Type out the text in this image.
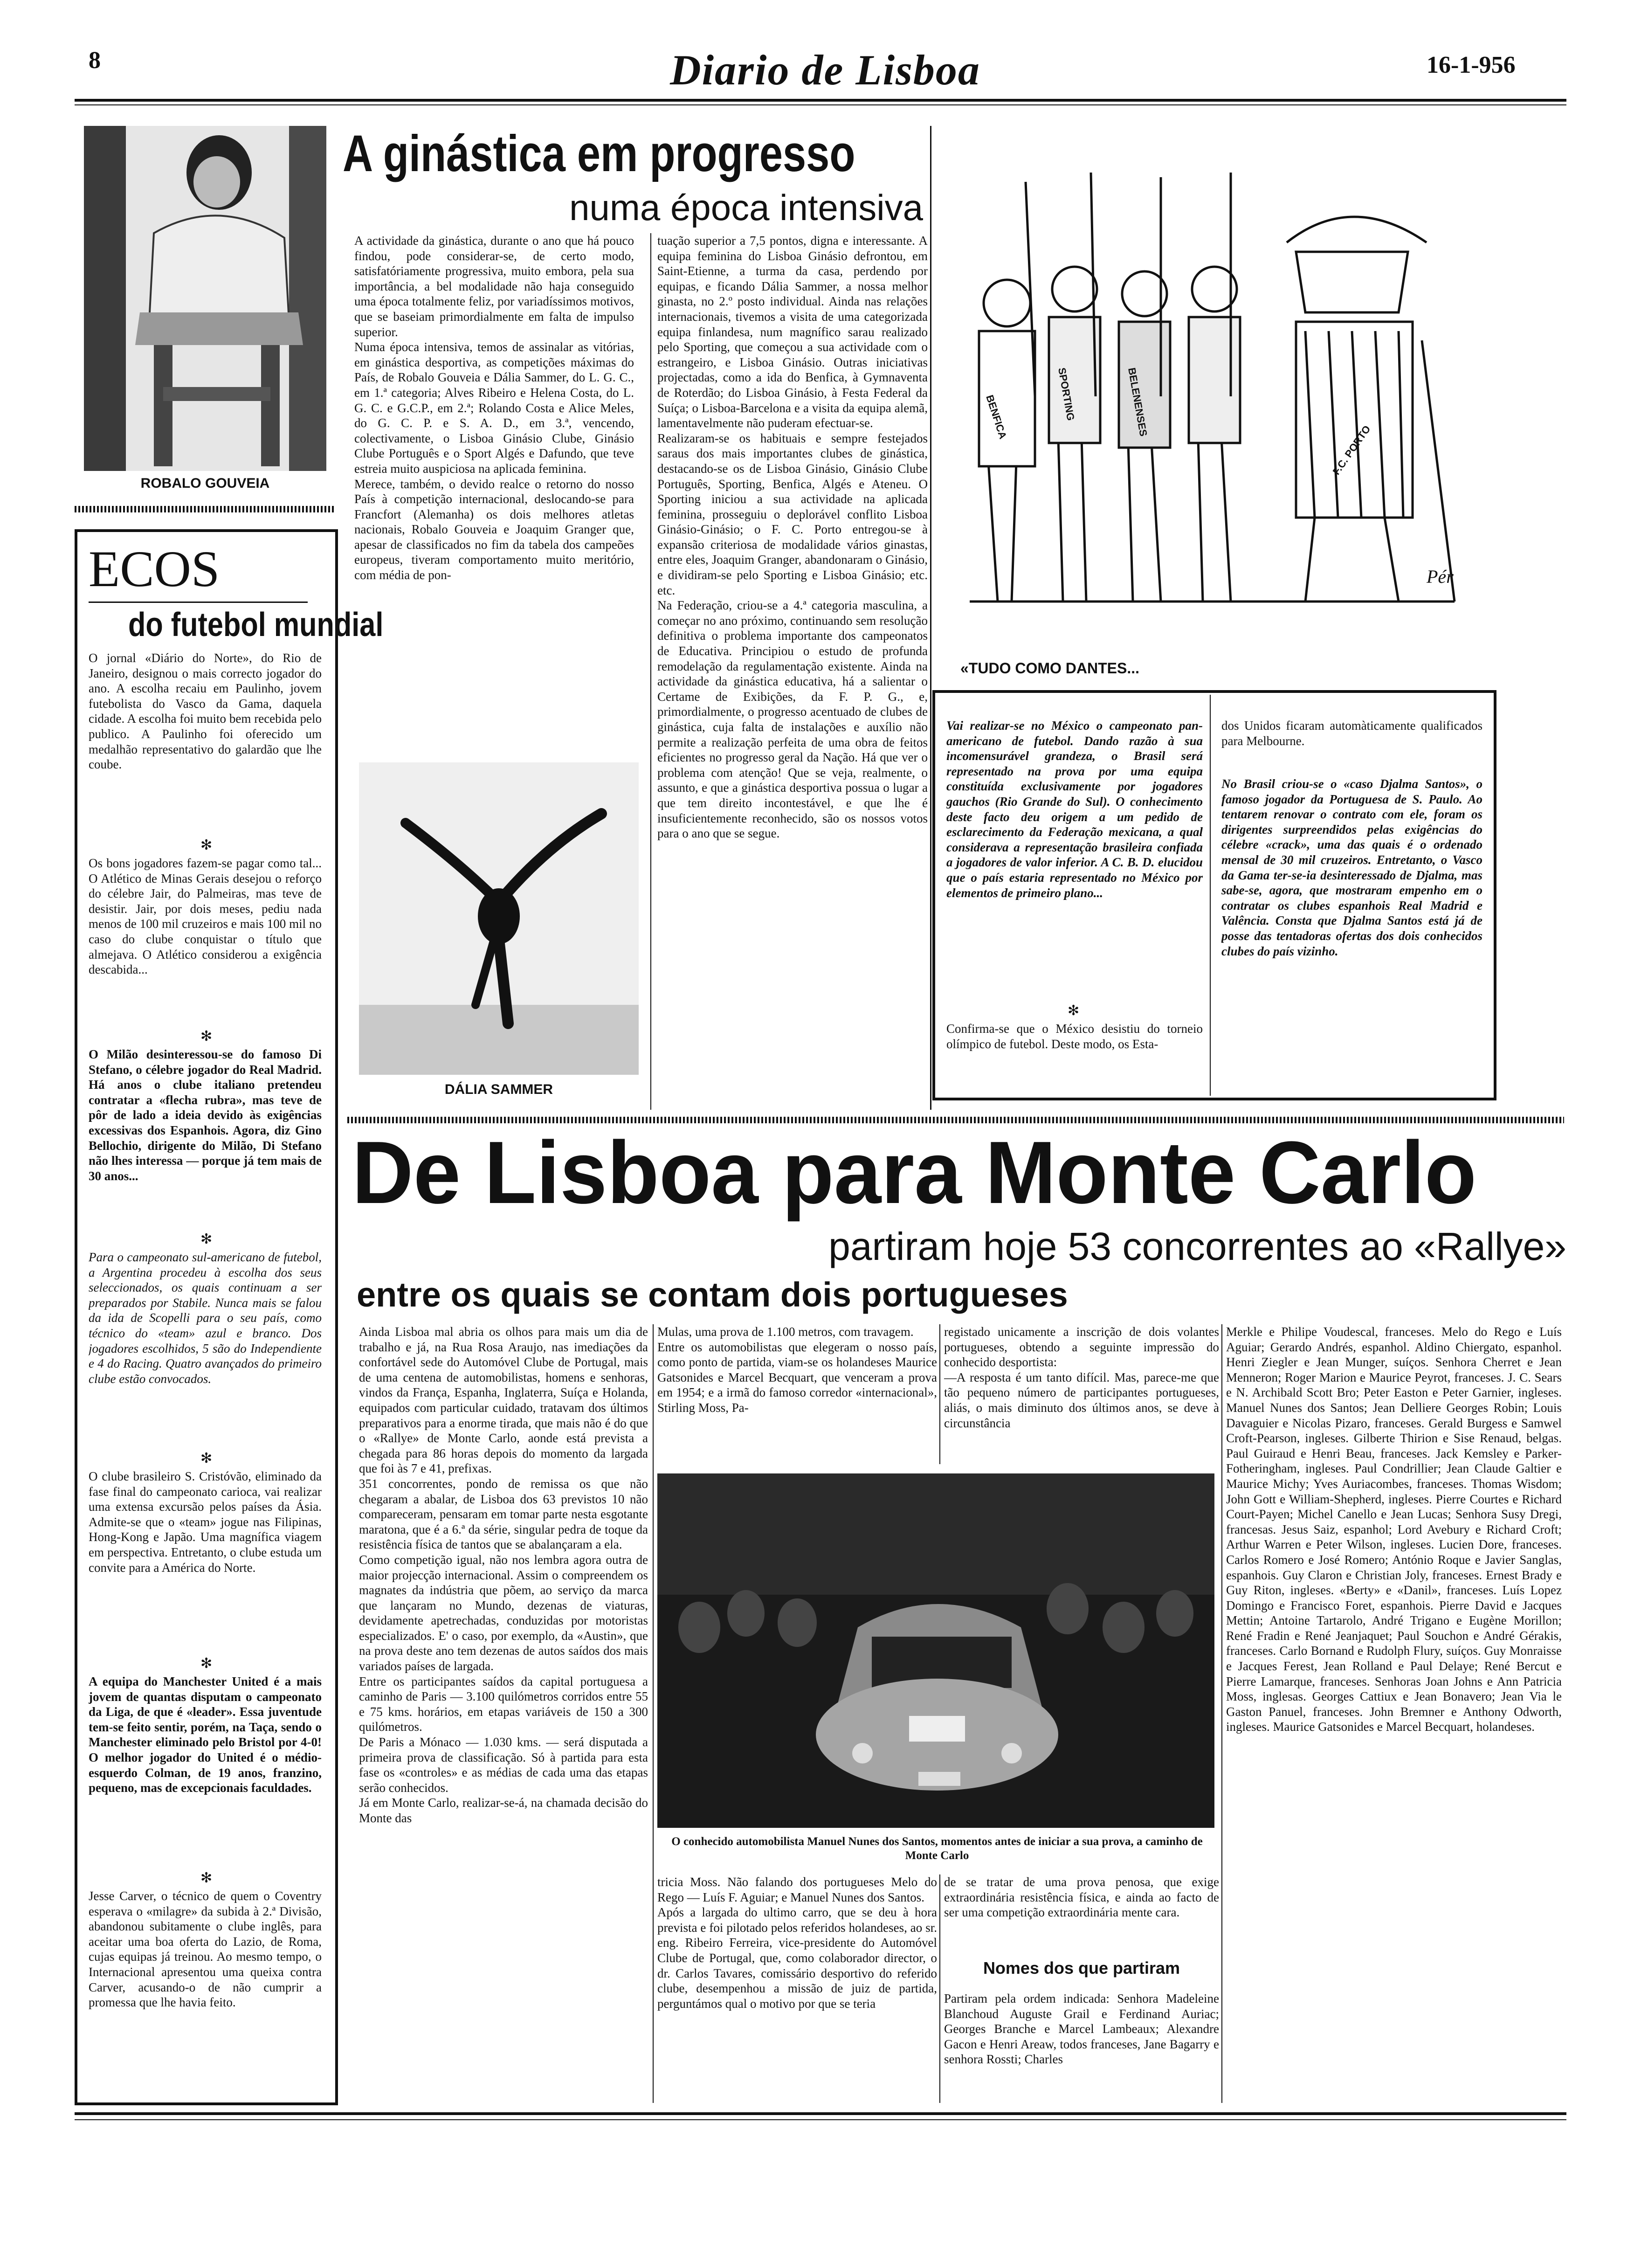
8	Diario de Lisboa	16-1-956
ROBALO GOUVEIA
A ginástica em progresso
numa época intensiva
A actividade da ginástica, durante o ano que há pouco findou, pode considerar-se, de certo modo, satisfatóriamente progressiva, muito embora, pela sua importância, a bel modalidade não haja conseguido uma época totalmente feliz, por variadíssimos motivos, que se baseiam primordialmente em falta de impulso superior.
Numa época intensiva, temos de assinalar as vitórias, em ginástica desportiva, as competições máximas do País, de Robalo Gouveia e Dália Sammer, do L. G. C., em 1.ª categoria; Alves Ribeiro e Helena Costa, do L. G. C. e G.C.P., em 2.ª; Rolando Costa e Alice Meles, do G. C. P. e S. A. D., em 3.ª, vencendo, colectivamente, o Lisboa Ginásio Clube, Ginásio Clube Português e o Sport Algés e Dafundo, que teve estreia muito auspiciosa na aplicada feminina.
Merece, também, o devido realce o retorno do nosso País à competição internacional, deslocando-se para Francfort (Alemanha) os dois melhores atletas nacionais, Robalo Gouveia e Joaquim Granger que, apesar de classificados no fim da tabela dos campeões europeus, tiveram comportamento muito meritório, com média de pon-
tuação superior a 7,5 pontos, digna e interessante. A equipa feminina do Lisboa Ginásio defrontou, em Saint-Etienne, a turma da casa, perdendo por equipas, e ficando Dália Sammer, a nossa melhor ginasta, no 2.º posto individual. Ainda nas relações internacionais, tivemos a visita de uma categorizada equipa finlandesa, num magnífico sarau realizado pelo Sporting, que começou a sua actividade com o estrangeiro, e Lisboa Ginásio. Outras iniciativas projectadas, como a ida do Benfica, à Gymnaventa de Roterdão; do Lisboa Ginásio, à Festa Federal da Suíça; o Lisboa-Barcelona e a visita da equipa alemã, lamentavelmente não puderam efectuar-se.
Realizaram-se os habituais e sempre festejados saraus dos mais importantes clubes de ginástica, destacando-se os de Lisboa Ginásio, Ginásio Clube Português, Sporting, Benfica, Algés e Ateneu. O Sporting iniciou a sua actividade na aplicada feminina, prosseguiu o deplorável conflito Lisboa Ginásio-Ginásio; o F. C. Porto entregou-se à expansão criteriosa de modalidade vários ginastas, entre eles, Joaquim Granger, abandonaram o Ginásio, e dividiram-se pelo Sporting e Lisboa Ginásio; etc. etc.
Na Federação, criou-se a 4.ª categoria masculina, a começar no ano próximo, continuando sem resolução definitiva o problema importante dos campeonatos de Educativa. Principiou o estudo de profunda remodelação da regulamentação existente. Ainda na actividade da ginástica educativa, há a salientar o Certame de Exibições, da F. P. G., e, primordialmente, o progresso acentuado de clubes de ginástica, cuja falta de instalações e auxílio não permite a realização perfeita de uma obra de feitos eficientes no progresso geral da Nação. Há que ver o problema com atenção! Que se veja, realmente, o assunto, e que a ginástica desportiva possua o lugar a que tem direito incontestável, e que lhe é insuficientemente reconhecido, são os nossos votos para o ano que se segue.
DÁLIA SAMMER
BENFICA	SPORTING	BELENENSES
F.C. PORTO
Pér
«TUDO COMO DANTES...
Vai realizar-se no México o campeonato pan-americano de futebol. Dando razão à sua incomensurável grandeza, o Brasil será representado na prova por uma equipa constituída exclusivamente por jogadores gauchos (Rio Grande do Sul). O conhecimento deste facto deu origem a um pedido de esclarecimento da Federação mexicana, a qual considerava a representação brasileira confiada a jogadores de valor inferior. A C. B. D. elucidou que o país estaria representado no México por elementos de primeiro plano...
✻
Confirma-se que o México desistiu do torneio olímpico de futebol. Deste modo, os Esta-
dos Unidos ficaram automàticamente qualificados para Melbourne.
No Brasil criou-se o «caso Djalma Santos», o famoso jogador da Portuguesa de S. Paulo. Ao tentarem renovar o contrato com ele, foram os dirigentes surpreendidos pelas exigências do célebre «crack», uma das quais é o ordenado mensal de 30 mil cruzeiros. Entretanto, o Vasco da Gama ter-se-ia desinteressado de Djalma, mas sabe-se, agora, que mostraram empenho em o contratar os clubes espanhois Real Madrid e Valência. Consta que Djalma Santos está já de posse das tentadoras ofertas dos dois conhecidos clubes do país vizinho.
ECOS
do futebol mundial
O jornal «Diário do Norte», do Rio de Janeiro, designou o mais correcto jogador do ano. A escolha recaiu em Paulinho, jovem futebolista do Vasco da Gama, daquela cidade. A escolha foi muito bem recebida pelo publico. A Paulinho foi oferecido um medalhão representativo do galardão que lhe coube.
✻
Os bons jogadores fazem-se pagar como tal... O Atlético de Minas Gerais desejou o reforço do célebre Jair, do Palmeiras, mas teve de desistir. Jair, por dois meses, pediu nada menos de 100 mil cruzeiros e mais 100 mil no caso do clube conquistar o título que almejava. O Atlético considerou a exigência descabida...
✻
O Milão desinteressou-se do famoso Di Stefano, o célebre jogador do Real Madrid. Há anos o clube italiano pretendeu contratar a «flecha rubra», mas teve de pôr de lado a ideia devido às exigências excessivas dos Espanhois. Agora, diz Gino Bellochio, dirigente do Milão, Di Stefano não lhes interessa — porque já tem mais de 30 anos...
✻
Para o campeonato sul-americano de futebol, a Argentina procedeu à escolha dos seus seleccionados, os quais continuam a ser preparados por Stabile. Nunca mais se falou da ida de Scopelli para o seu país, como técnico do «team» azul e branco. Dos jogadores escolhidos, 5 são do Independiente e 4 do Racing. Quatro avançados do primeiro clube estão convocados.
✻
O clube brasileiro S. Cristóvão, eliminado da fase final do campeonato carioca, vai realizar uma extensa excursão pelos países da Ásia. Admite-se que o «team» jogue nas Filipinas, Hong-Kong e Japão. Uma magnífica viagem em perspectiva. Entretanto, o clube estuda um convite para a América do Norte.
✻
A equipa do Manchester United é a mais jovem de quantas disputam o campeonato da Liga, de que é «leader». Essa juventude tem-se feito sentir, porém, na Taça, sendo o Manchester eliminado pelo Bristol por 4-0! O melhor jogador do United é o médio-esquerdo Colman, de 19 anos, franzino, pequeno, mas de excepcionais faculdades.
✻
Jesse Carver, o técnico de quem o Coventry esperava o «milagre» da subida à 2.ª Divisão, abandonou subitamente o clube inglês, para aceitar uma boa oferta do Lazio, de Roma, cujas equipas já treinou. Ao mesmo tempo, o Internacional apresentou uma queixa contra Carver, acusando-o de não cumprir a promessa que lhe havia feito.
De Lisboa para Monte Carlo
partiram hoje 53 concorrentes ao «Rallye»
entre os quais se contam dois portugueses
Ainda Lisboa mal abria os olhos para mais um dia de trabalho e já, na Rua Rosa Araujo, nas imediações da confortável sede do Automóvel Clube de Portugal, mais de uma centena de automobilistas, homens e senhoras, vindos da França, Espanha, Inglaterra, Suíça e Holanda, equipados com particular cuidado, tratavam dos últimos preparativos para a enorme tirada, que mais não é do que o «Rallye» de Monte Carlo, aonde está prevista a chegada para 86 horas depois do momento da largada que foi às 7 e 41, prefixas.
351 concorrentes, pondo de remissa os que não chegaram a abalar, de Lisboa dos 63 previstos 10 não compareceram, pensaram em tomar parte nesta esgotante maratona, que é a 6.ª da série, singular pedra de toque da resistência física de tantos que se abalançaram a ela.
Como competição igual, não nos lembra agora outra de maior projecção internacional. Assim o compreendem os magnates da indústria que põem, ao serviço da marca que lançaram no Mundo, dezenas de viaturas, devidamente apetrechadas, conduzidas por motoristas especializados. E' o caso, por exemplo, da «Austin», que na prova deste ano tem dezenas de autos saídos dos mais variados países de largada.
Entre os participantes saídos da capital portuguesa a caminho de Paris — 3.100 quilómetros corridos entre 55 e 75 kms. horários, em etapas variáveis de 150 a 300 quilómetros.
De Paris a Mónaco — 1.030 kms. — será disputada a primeira prova de classificação. Só à partida para esta fase os «controles» e as médias de cada uma das etapas serão conhecidos.
Já em Monte Carlo, realizar-se-á, na chamada decisão do Monte das
Mulas, uma prova de 1.100 metros, com travagem.
Entre os automobilistas que elegeram o nosso país, como ponto de partida, viam-se os holandeses Maurice Gatsonides e Marcel Becquart, que venceram a prova em 1954; e a irmã do famoso corredor «internacional», Stirling Moss, Pa-
registado unicamente a inscrição de dois volantes portugueses, obtendo a seguinte impressão do conhecido desportista:
—A resposta é um tanto difícil. Mas, parece-me que tão pequeno número de participantes portugueses, aliás, o mais diminuto dos últimos anos, se deve à circunstância
O conhecido automobilista Manuel Nunes dos Santos, momentos antes de iniciar a sua prova, a caminho de Monte Carlo
tricia Moss. Não falando dos portugueses Melo do Rego — Luís F. Aguiar; e Manuel Nunes dos Santos.
Após a largada do ultimo carro, que se deu à hora prevista e foi pilotado pelos referidos holandeses, ao sr. eng. Ribeiro Ferreira, vice-presidente do Automóvel Clube de Portugal, que, como colaborador director, o dr. Carlos Tavares, comissário desportivo do referido clube, desempenhou a missão de juiz de partida, perguntámos qual o motivo por que se teria
de se tratar de uma prova penosa, que exige extraordinária resistência física, e ainda ao facto de ser uma competição extraordinária mente cara.
Nomes dos que partiram
Partiram pela ordem indicada: Senhora Madeleine Blanchoud Auguste Grail e Ferdinand Auriac; Georges Branche e Marcel Lambeaux; Alexandre Gacon e Henri Areaw, todos franceses, Jane Bagarry e senhora Rossti; Charles
Merkle e Philipe Voudescal, franceses. Melo do Rego e Luís Aguiar; Gerardo Andrés, espanhol. Aldino Chiergato, espanhol. Henri Ziegler e Jean Munger, suíços. Senhora Cherret e Jean Menneron; Roger Marion e Maurice Peyrot, franceses. J. C. Sears e N. Archibald Scott Bro; Peter Easton e Peter Garnier, ingleses. Manuel Nunes dos Santos; Jean Delliere Georges Robin; Louis Davaguier e Nicolas Pizaro, franceses. Gerald Burgess e Samwel Croft-Pearson, ingleses. Gilberte Thirion e Sise Renaud, belgas. Paul Guiraud e Henri Beau, franceses. Jack Kemsley e Parker-Fotheringham, ingleses. Paul Condrillier; Jean Claude Galtier e Maurice Michy; Yves Auriacombes, franceses. Thomas Wisdom; John Gott e William-Shepherd, ingleses. Pierre Courtes e Richard Court-Payen; Michel Canello e Jean Lucas; Senhora Susy Dregi, francesas. Jesus Saiz, espanhol; Lord Avebury e Richard Croft; Arthur Warren e Peter Wilson, ingleses. Lucien Dore, franceses. Carlos Romero e José Romero; António Roque e Javier Sanglas, espanhois. Guy Claron e Christian Joly, franceses. Ernest Brady e Guy Riton, ingleses. «Berty» e «Danil», franceses. Luís Lopez Domingo e Francisco Foret, espanhois. Pierre David e Jacques Mettin; Antoine Tartarolo, André Trigano e Eugène Morillon; René Fradin e René Jeanjaquet; Paul Souchon e André Gérakis, franceses. Carlo Bornand e Rudolph Flury, suíços. Guy Monraisse e Jacques Ferest, Jean Rolland e Paul Delaye; René Bercut e Pierre Lamarque, franceses. Senhoras Joan Johns e Ann Patricia Moss, inglesas. Georges Cattiux e Jean Bonavero; Jean Via le Gaston Panuel, franceses. John Bremner e Anthony Odworth, ingleses. Maurice Gatsonides e Marcel Becquart, holandeses.
